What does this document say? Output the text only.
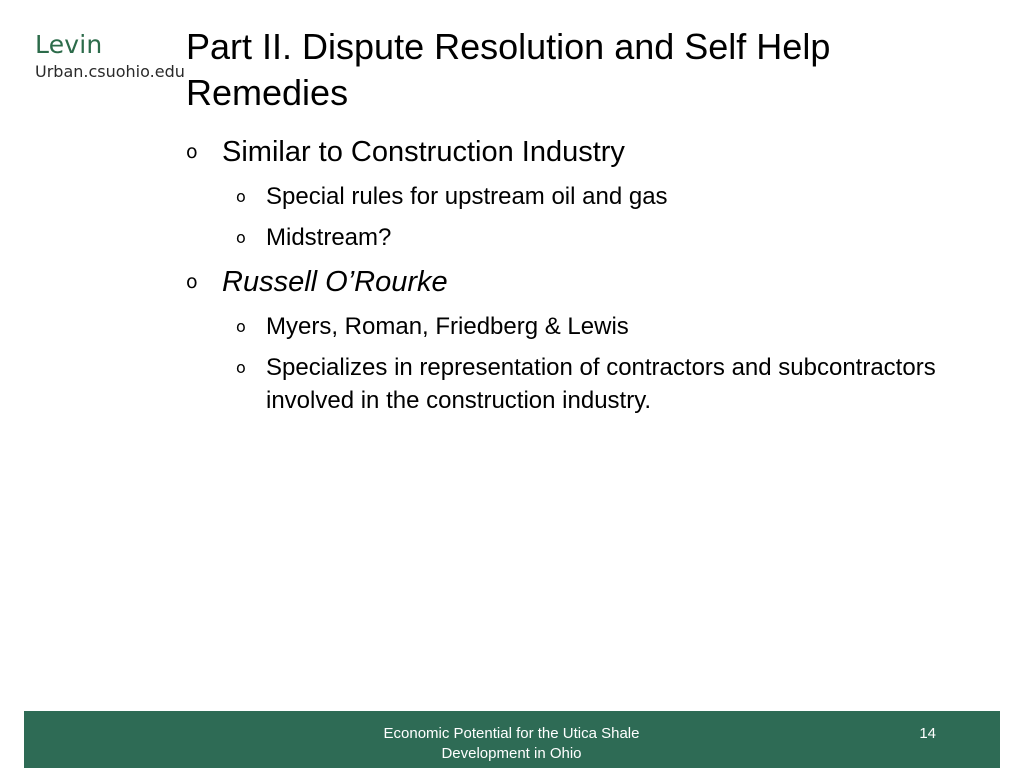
Levin
Urban.csuohio.edu
Part II. Dispute Resolution and Self Help Remedies
o Similar to Construction Industry
o Special rules for upstream oil and gas
o Midstream?
o Russell O’Rourke
o Myers, Roman, Friedberg & Lewis
o Specializes in representation of contractors and subcontractors involved in the construction industry.
Economic Potential for the Utica Shale Development in Ohio
14
